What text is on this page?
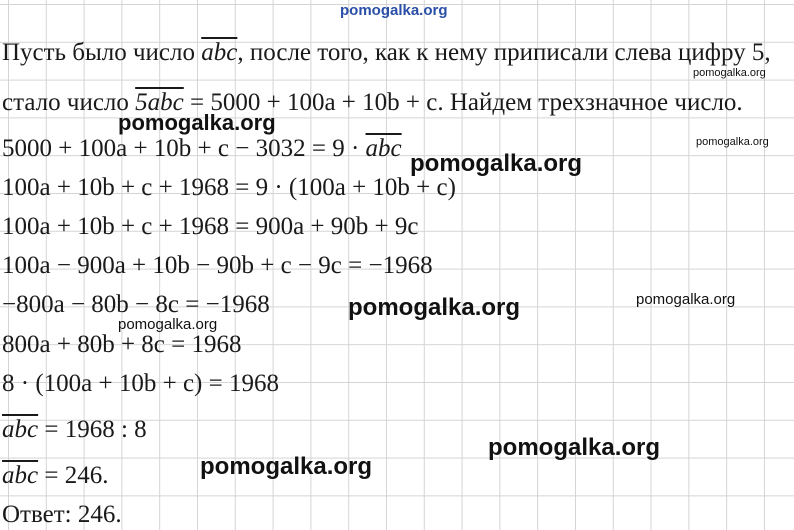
pomogalka.org
Пусть было число $\overline{abc}$, после того, как к нему приписали слева цифру 5,
стало число 5abc = 5000 + 100a + 10b + c. Найдем трехзначное число.
$5000 + 100a + 10b + c - 3032 = 9 \cdot \overline{abc}$
100a + 10b + c + 1968 = 9 · (100a + 10b + c)
100a + 10b + c + 1968 = 900a + 90b + 9c
100a − 900a + 10b − 90b + c − 9c = −1968
−800a − 80b − 8c = −1968
800a + 80b + 8c = 1968
8 · (100a + 10b + c) = 1968
$\overline{abc} = 1968$ : 8
$\overline{abc} = 246$.
Ответ: 246.
pomogalka.org
pomogalka.org
pomogalka.org
pomogalka.org
pomogalka.org
pomogalka.org
pomogalka.org
pomogalka.org
pomogalka.org
